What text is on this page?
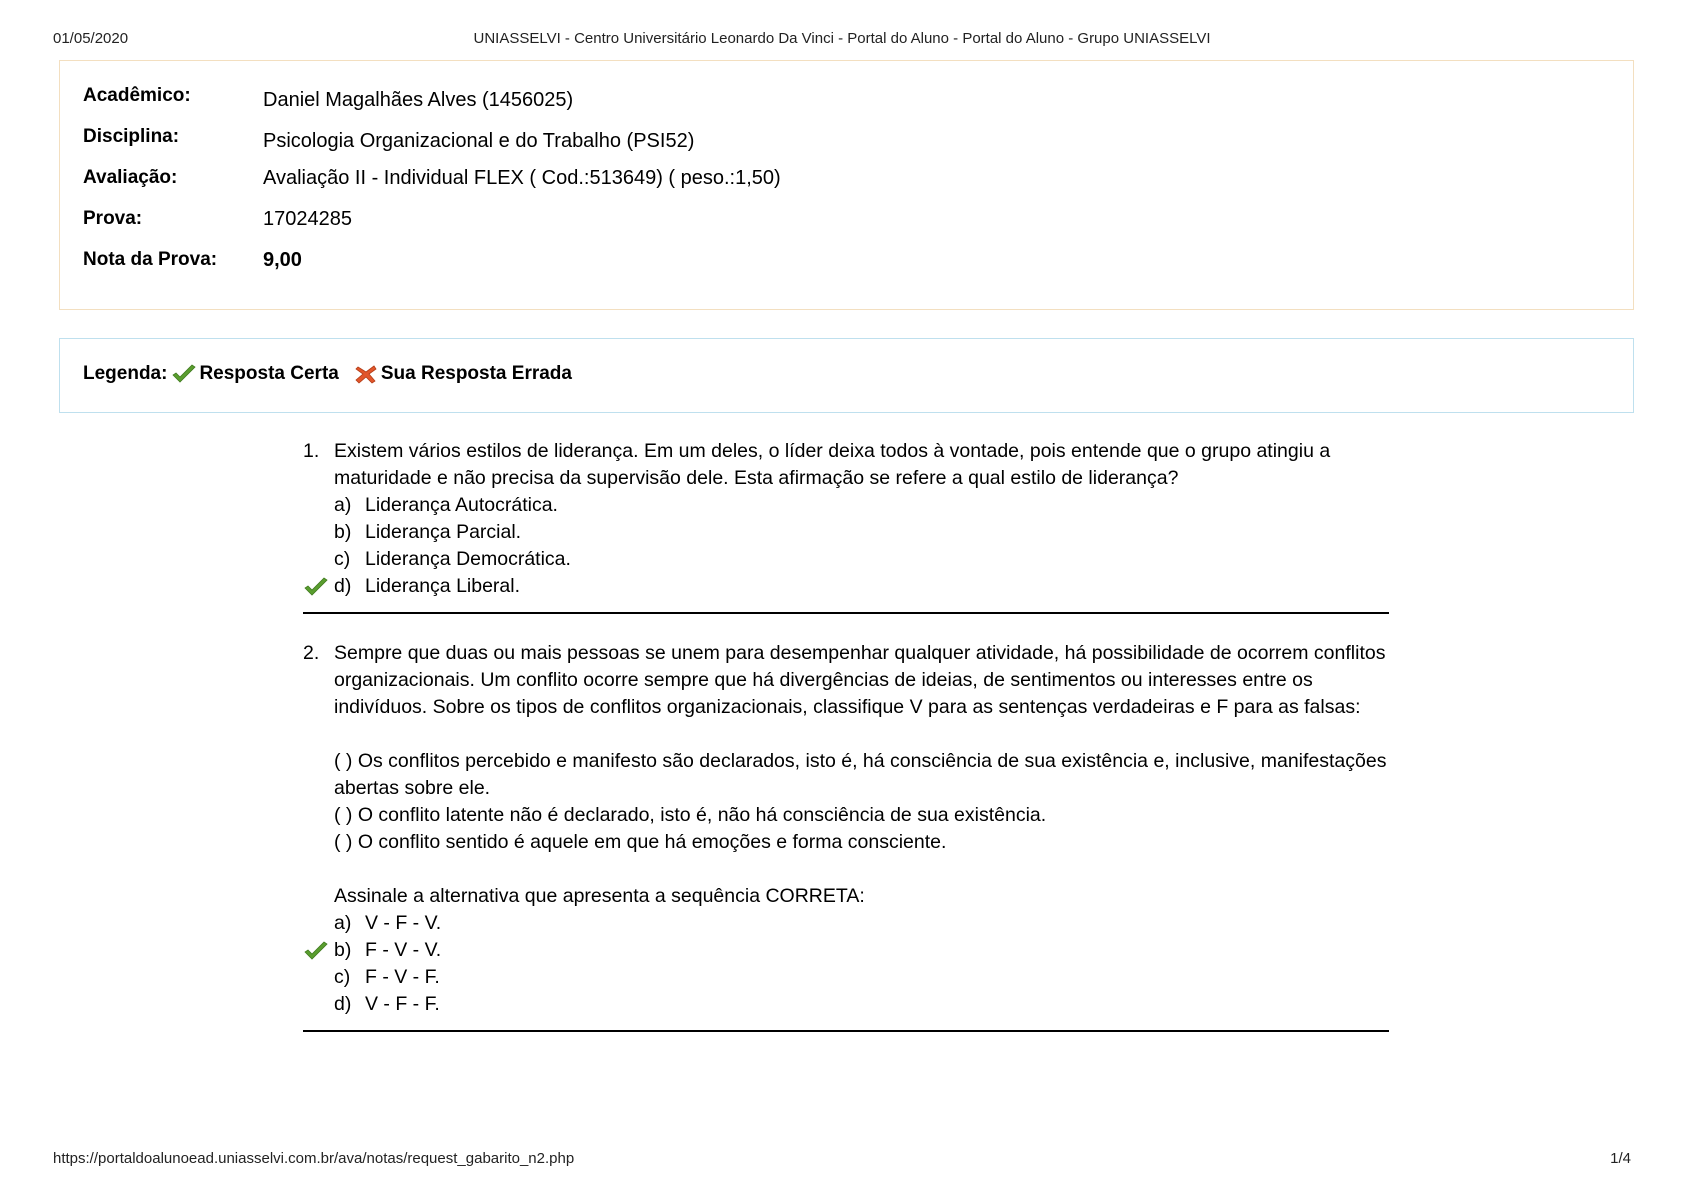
01/05/2020	UNIASSELVI - Centro Universitário Leonardo Da Vinci - Portal do Aluno - Portal do Aluno - Grupo UNIASSELVI
Acadêmico:	Daniel Magalhães Alves (1456025)
Disciplina:	Psicologia Organizacional e do Trabalho (PSI52)
Avaliação:	Avaliação II - Individual FLEX ( Cod.:513649) ( peso.:1,50)
Prova:	17024285
Nota da Prova: 9,00
Legenda: Resposta Certa Sua Resposta Errada
1. Existem vários estilos de liderança. Em um deles, o líder deixa todos à vontade, pois entende que o grupo atingiu a maturidade e não precisa da supervisão dele. Esta afirmação se refere a qual estilo de liderança?

a) Liderança Autocrática.
b) Liderança Parcial.
c) Liderança Democrática.
d) Liderança Liberal.
2. Sempre que duas ou mais pessoas se unem para desempenhar qualquer atividade, há possibilidade de ocorrem conflitos organizacionais. Um conflito ocorre sempre que há divergências de ideias, de sentimentos ou interesses entre os indivíduos. Sobre os tipos de conflitos organizacionais, classifique V para as sentenças verdadeiras e F para as falsas:

( ) Os conflitos percebido e manifesto são declarados, isto é, há consciência de sua existência e, inclusive, manifestações abertas sobre ele.

( ) O conflito latente não é declarado, isto é, não há consciência de sua existência.

( ) O conflito sentido é aquele em que há emoções e forma consciente.

Assinale a alternativa que apresenta a sequência CORRETA:

a) V - F - V.
b) F - V - V.
c) F - V - F.
d) V - F - F.
https://portaldoalunoead.uniasselvi.com.br/ava/notas/request_gabarito_n2.php	1/4
